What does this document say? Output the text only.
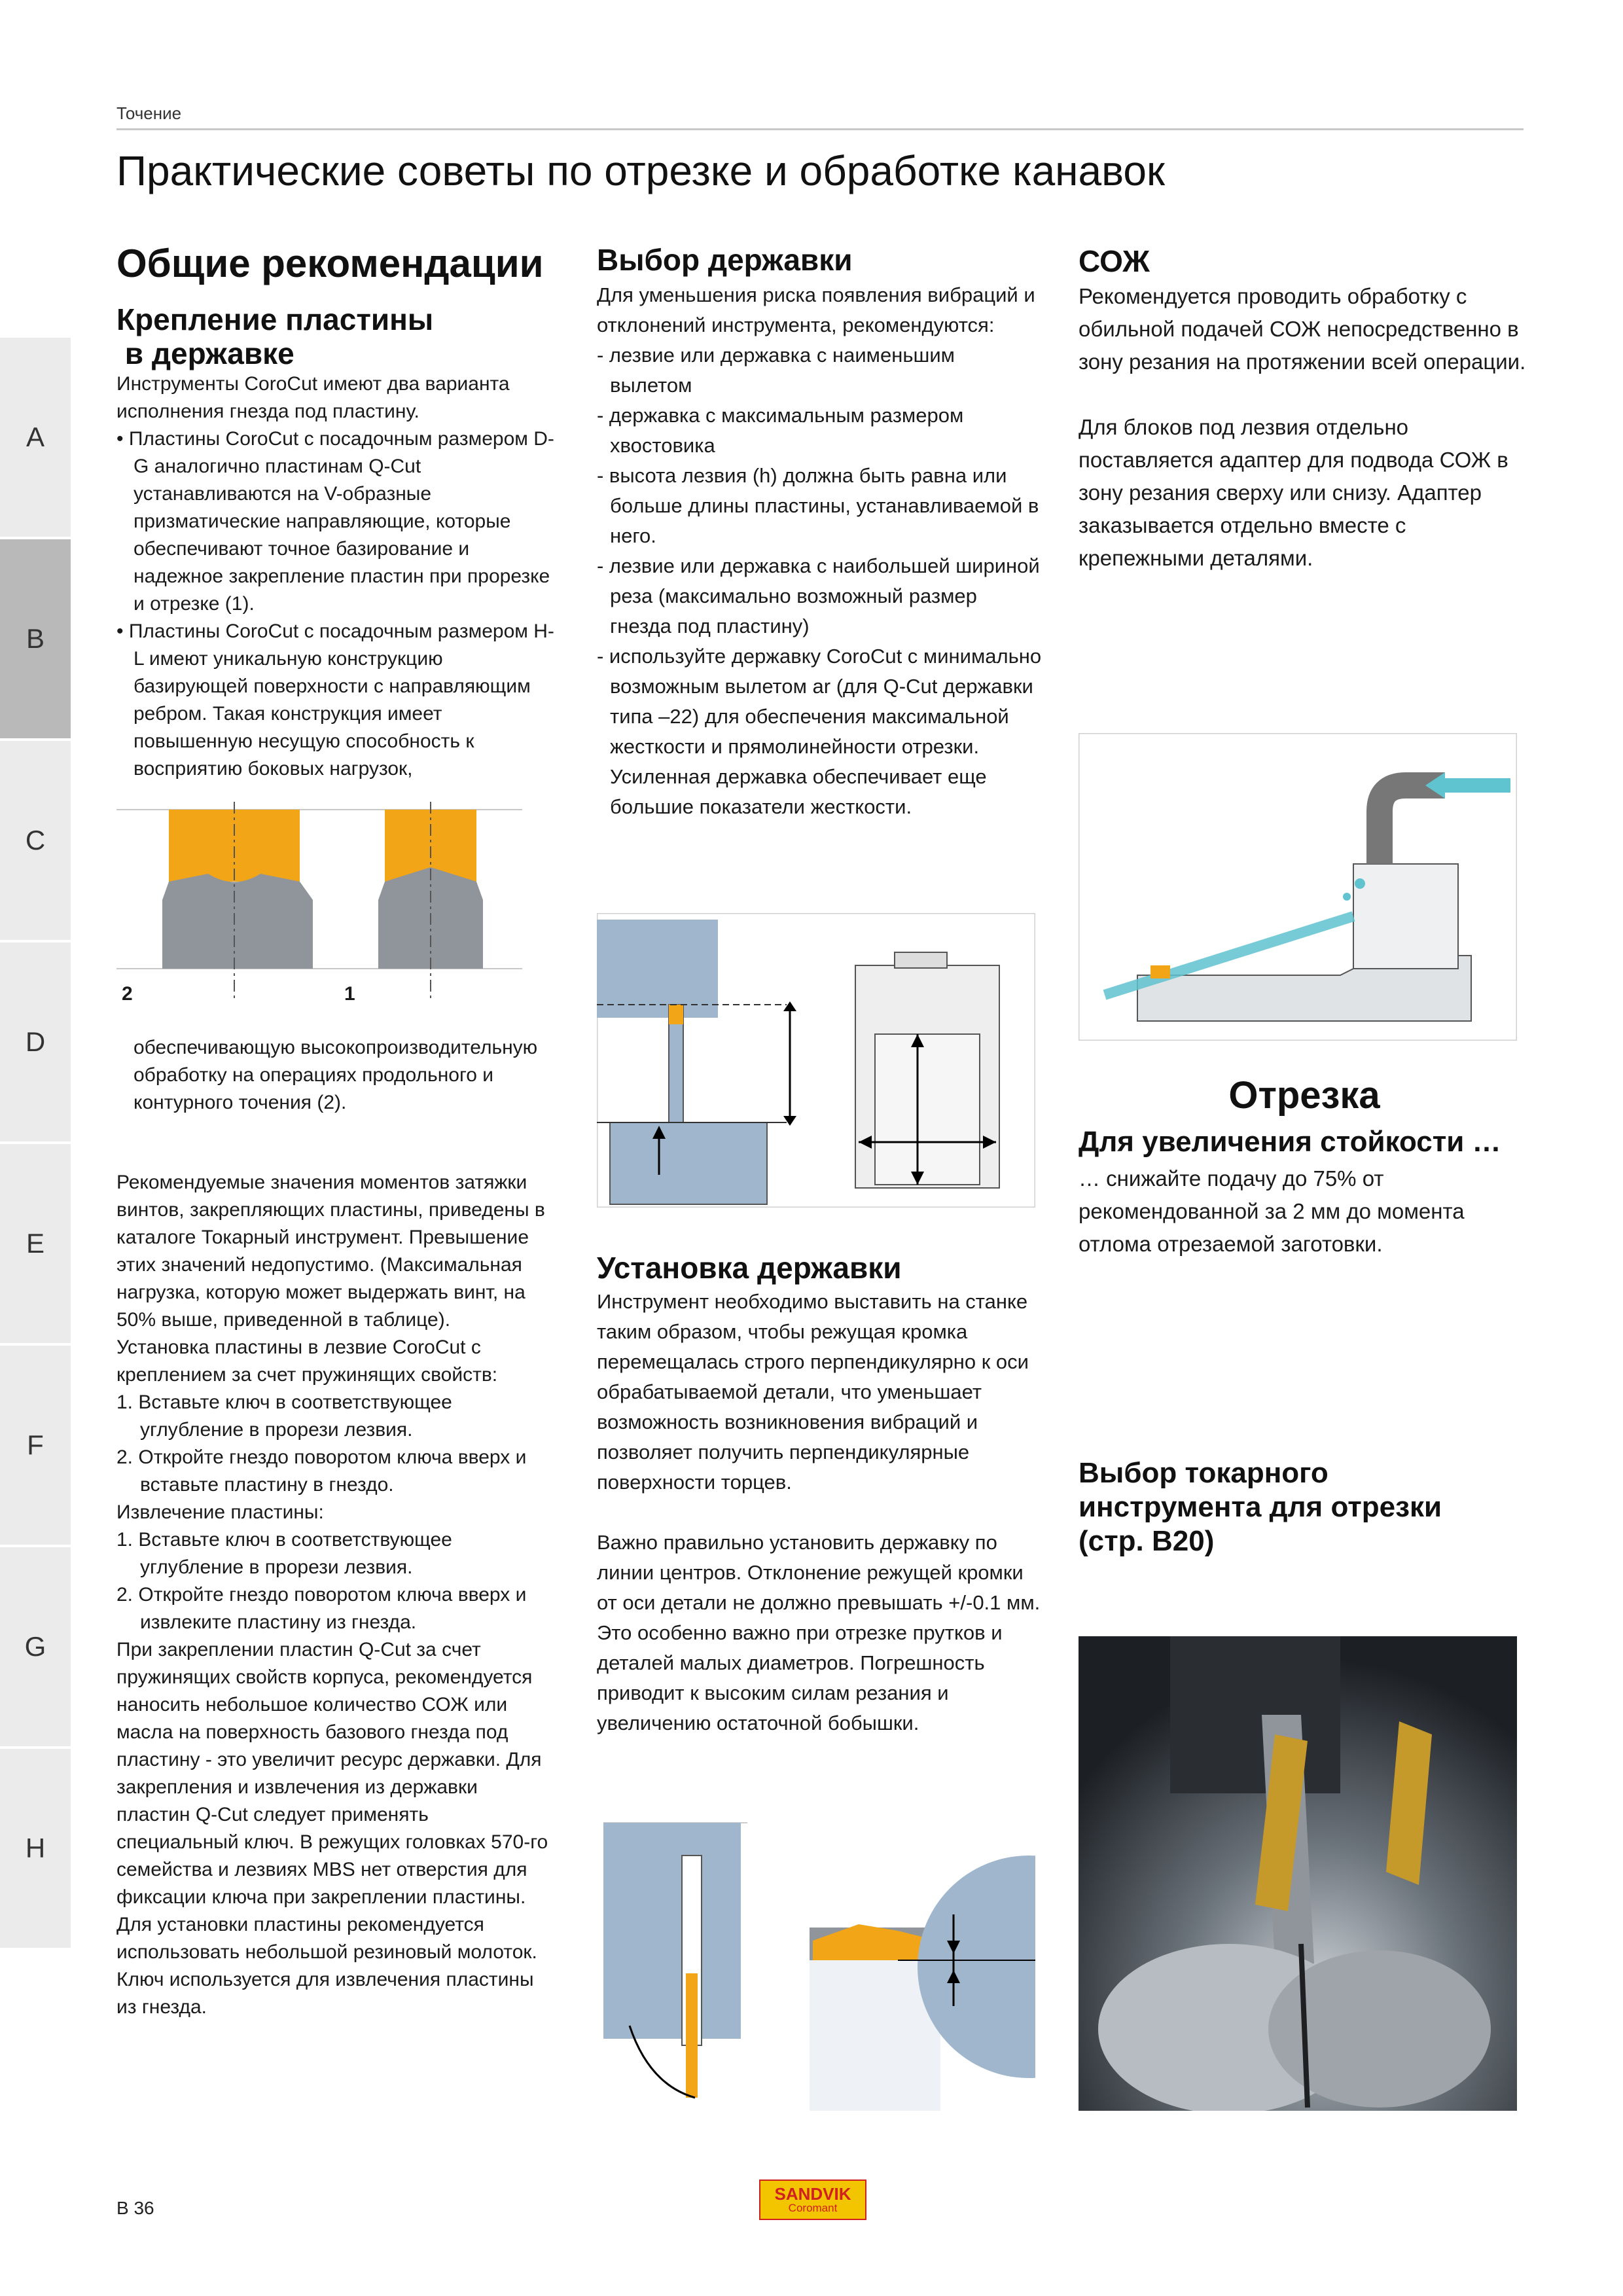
Точение
Практические советы по отрезке и обработке канавок
A
B
C
D
E
F
G
H
Общие рекомендации
Крепление пластины
в державке

Инструменты CoroCut имеют два варианта исполнения гнезда под пластину.

• Пластины CoroCut с посадочным размером D-G аналогично пластинам Q-Cut устанавливаются на V-образные призматические направляющие, которые обеспечивают точное базирование и надежное закрепление пластин при прорезке и отрезке (1).
• Пластины CoroCut с посадочным размером H-L имеют уникальную конструкцию базирующей поверхности с направляющим ребром. Такая конструкция имеет повышенную несущую способность к восприятию боковых нагрузок,
2	1
обеспечивающую высокопроизводительную обработку на операциях продольного и контурного точения (2).

Рекомендуемые значения моментов затяжки винтов, закрепляющих пластины, приведены в каталоге Токарный инструмент. Превышение этих значений недопустимо. (Максимальная нагрузка, которую может выдержать винт, на 50% выше, приведенной в таблице).

Установка пластины в лезвие CoroCut с креплением за счет пружинящих свойств:

1. Вставьте ключ в соответствующее углубление в прорези лезвия.
2. Откройте гнездо поворотом ключа вверх и вставьте пластину в гнездо.

Извлечение пластины:

1. Вставьте ключ в соответствующее углубление в прорези лезвия.
2. Откройте гнездо поворотом ключа вверх и извлеките пластину из гнезда.

При закреплении пластин Q-Cut за счет пружинящих свойств корпуса, рекомендуется наносить небольшое количество СОЖ или масла на поверхность базового гнезда под пластину - это увеличит ресурс державки. Для закрепления и извлечения из державки пластин Q-Cut следует применять специальный ключ. В режущих головках 570-го семейства и лезвиях MBS нет отверстия для фиксации ключа при закреплении пластины. Для установки пластины рекомендуется использовать небольшой резиновый молоток. Ключ используется для извлечения пластины из гнезда.

Выбор державки

Для уменьшения риска появления вибраций и отклонений инструмента, рекомендуются:

- лезвие или державка с наименьшим вылетом
- державка с максимальным размером хвостовика
- высота лезвия (h) должна быть равна или больше длины пластины, устанавливаемой в него.
- лезвие или державка с наибольшей шириной реза (максимально возможный размер гнезда под пластину)
- используйте державку CoroCut с минимально возможным вылетом ar (для Q-Cut державки типа –22) для обеспечения максимальной жесткости и прямолинейности отрезки. Усиленная державка обеспечивает еще большие показатели жесткости.
Установка державки

Инструмент необходимо выставить на станке таким образом, чтобы режущая кромка перемещалась строго перпендикулярно к оси обрабатываемой детали, что уменьшает возможность возникновения вибраций и позволяет получить перпендикулярные поверхности торцев.

Важно правильно установить державку по линии центров. Отклонение режущей кромки от оси детали не должно превышать +/-0.1 мм. Это особенно важно при отрезке прутков и деталей малых диаметров. Погрешность приводит к высоким силам резания и увеличению остаточной бобышки.

СОЖ

Рекомендуется проводить обработку с обильной подачей СОЖ непосредственно в зону резания на протяжении всей операции.

Для блоков под лезвия отдельно поставляется адаптер для подвода СОЖ в зону резания сверху или снизу. Адаптер заказывается отдельно вместе с крепежными деталями.

Отрезка
Для увеличения стойкости …
… снижайте подачу до 75% от рекомендованной за 2 мм до момента отлома отрезаемой заготовки.
Выбор токарного инструмента для отрезки (стр. B20)
B 36
SANDVIK
Coromant
